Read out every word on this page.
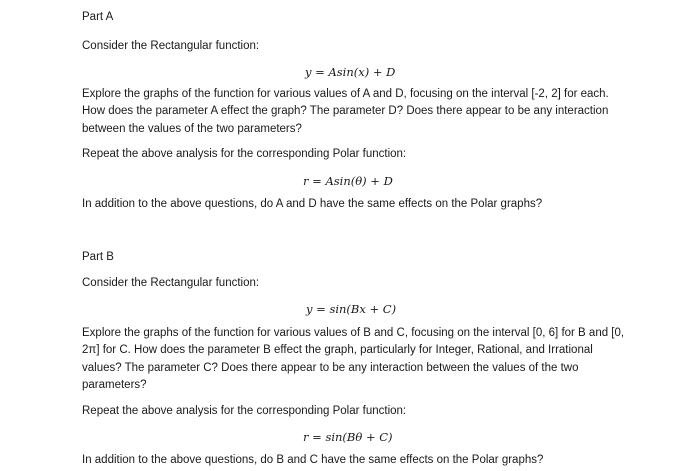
Part A
Consider the Rectangular function:
y = Asin(x) + D
Explore the graphs of the function for various values of A and D, focusing on the interval [-2, 2] for each. How does the parameter A effect the graph? The parameter D? Does there appear to be any interaction between the values of the two parameters?
Repeat the above analysis for the corresponding Polar function:
r = Asin(θ) + D
In addition to the above questions, do A and D have the same effects on the Polar graphs?
Part B
Consider the Rectangular function:
y = sin(Bx + C)
Explore the graphs of the function for various values of B and C, focusing on the interval [0, 6] for B and [0, 2π] for C. How does the parameter B effect the graph, particularly for Integer, Rational, and Irrational values? The parameter C? Does there appear to be any interaction between the values of the two parameters?
Repeat the above analysis for the corresponding Polar function:
r = sin(Bθ + C)
In addition to the above questions, do B and C have the same effects on the Polar graphs?
